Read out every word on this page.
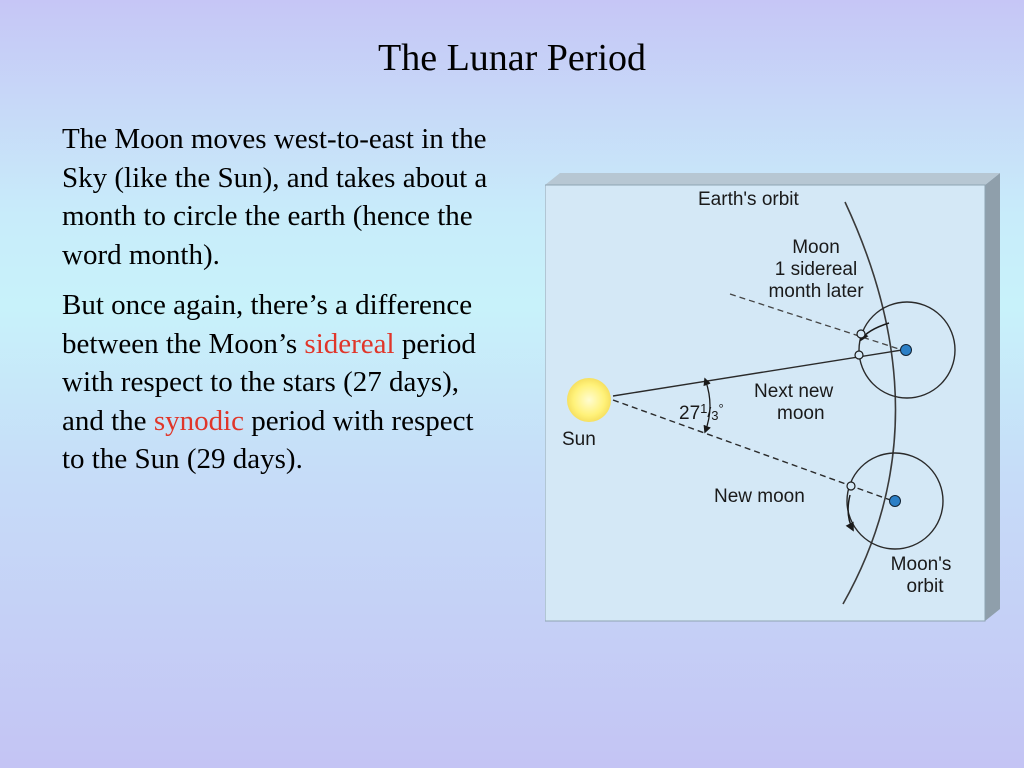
The Lunar Period

The Moon moves west-to-east in the Sky (like the Sun), and takes about a month to circle the earth (hence the word month).

But once again, there’s a difference between the Moon’s sidereal period with respect to the stars (27 days), and the synodic period with respect to the Sun (29 days).

Earth's orbit
Moon
1 sidereal
month later
Next new
moon
$27^1_/3^\circ$
Sun
New moon
Moon's
orbit
